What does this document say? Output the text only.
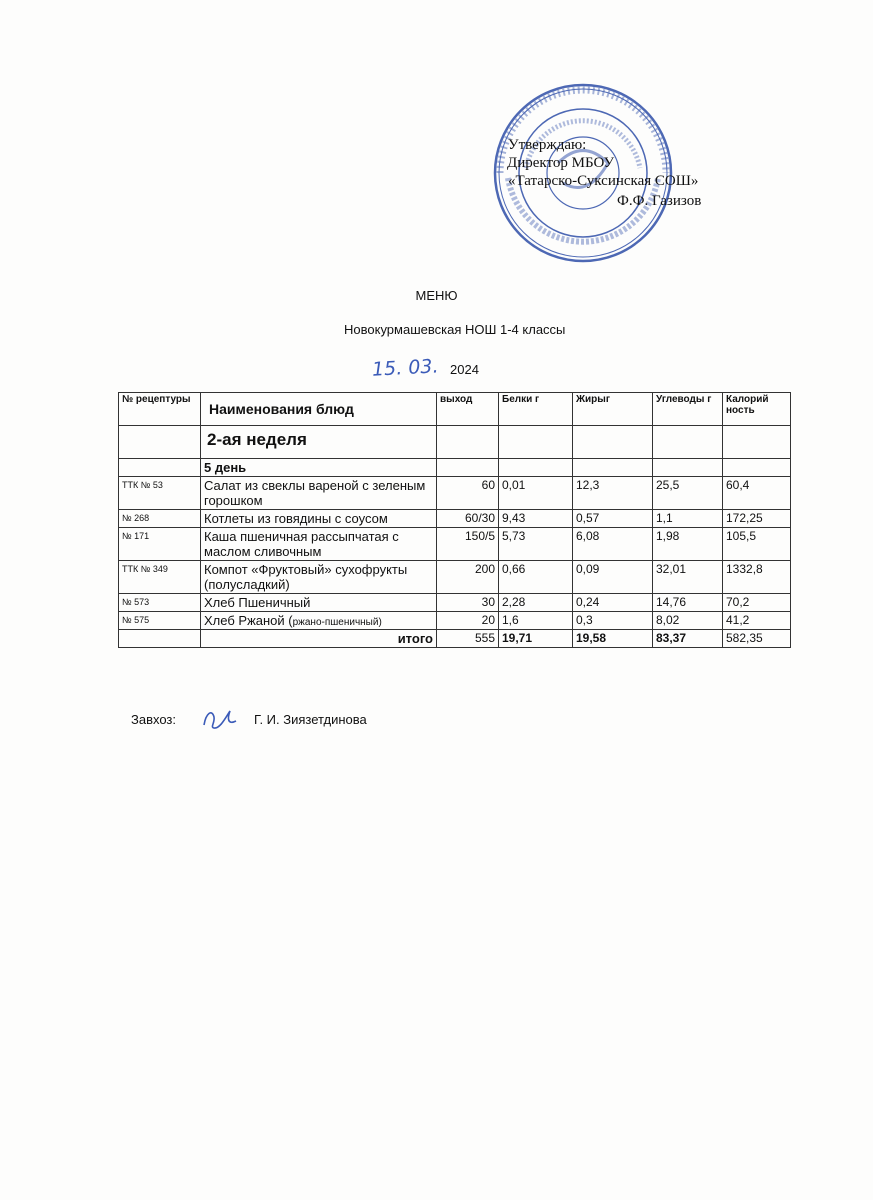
Утверждаю:
Директор МБОУ
«Татарско-Суксинская СОШ»
Ф.Ф. Газизов
МЕНЮ
Новокурмашевская НОШ 1-4 классы
15. 03. 2024
№ рецептуры	Наименования блюд	выход	Белки г	Жирыг	Углеводы г	Калорий ность
	2-ая неделя					
	5 день					
ТТК № 53	Салат из свеклы вареной с зеленым горошком	60	0,01	12,3	25,5	60,4
№ 268	Котлеты из говядины с соусом	60/30	9,43	0,57	1,1	172,25
№ 171	Каша пшеничная рассыпчатая с маслом сливочным	150/5	5,73	6,08	1,98	105,5
ТТК № 349	Компот «Фруктовый» сухофрукты (полусладкий)	200	0,66	0,09	32,01	1332,8
№ 573	Хлеб Пшеничный	30	2,28	0,24	14,76	70,2
№ 575	Хлеб Ржаной (ржано-пшеничный)	20	1,6	0,3	8,02	41,2
	итого	555	19,71	19,58	83,37	582,35
Завхоз:	Г. И. Зиязетдинова
